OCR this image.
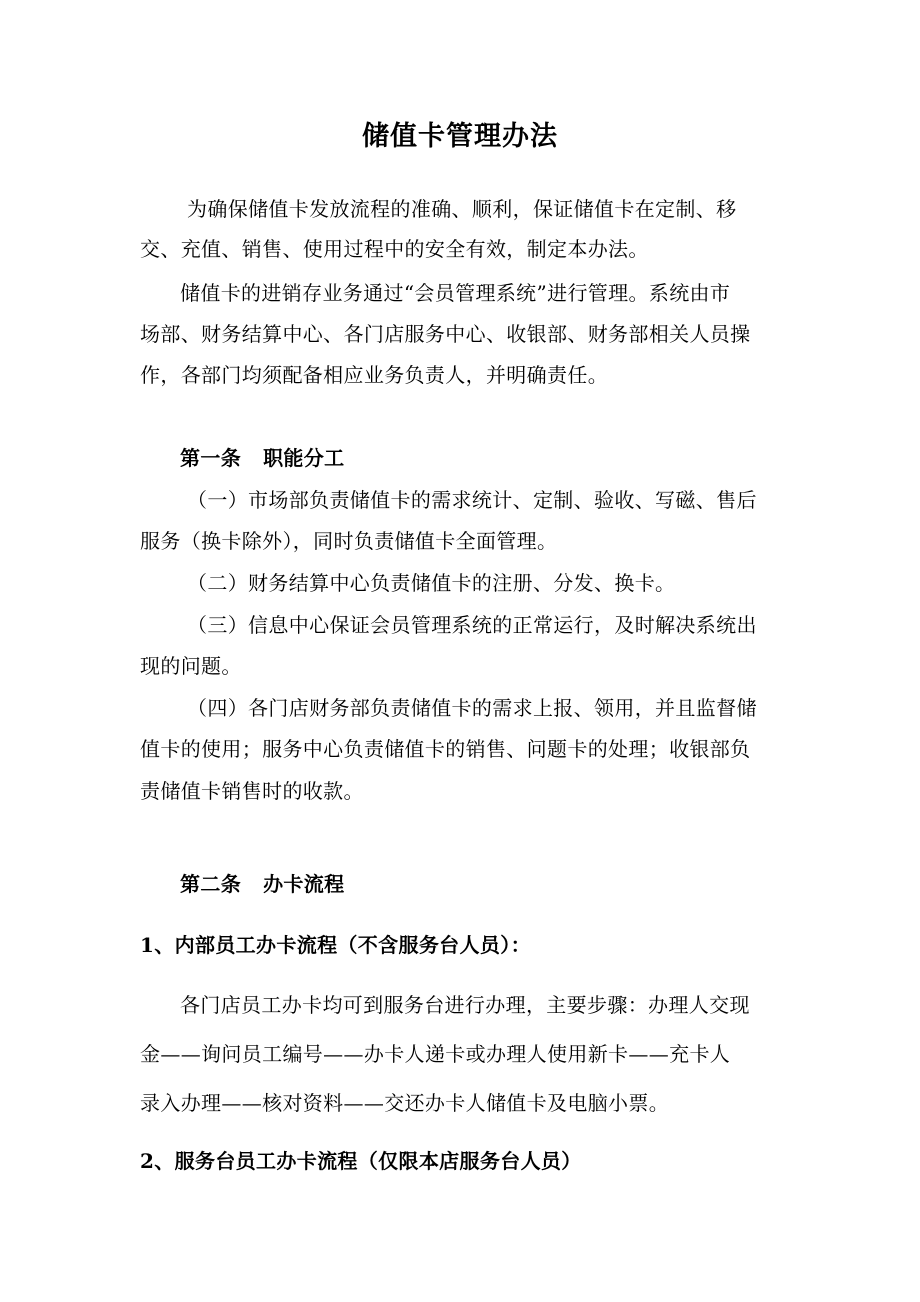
储值卡管理办法
为确保储值卡发放流程的准确、顺利，保证储值卡在定制、移
交、充值、销售、使用过程中的安全有效，制定本办法。
储值卡的进销存业务通过“会员管理系统”进行管理。系统由市
场部、财务结算中心、各门店服务中心、收银部、财务部相关人员操
作，各部门均须配备相应业务负责人，并明确责任。
第一条 职能分工
（一）市场部负责储值卡的需求统计、定制、验收、写磁、售后
服务（换卡除外），同时负责储值卡全面管理。
（二）财务结算中心负责储值卡的注册、分发、换卡。
（三）信息中心保证会员管理系统的正常运行，及时解决系统出
现的问题。
（四）各门店财务部负责储值卡的需求上报、领用，并且监督储
值卡的使用；服务中心负责储值卡的销售、问题卡的处理；收银部负
责储值卡销售时的收款。
第二条 办卡流程
1、内部员工办卡流程（不含服务台人员）：
各门店员工办卡均可到服务台进行办理，主要步骤：办理人交现
金——询问员工编号——办卡人递卡或办理人使用新卡——充卡人
录入办理——核对资料——交还办卡人储值卡及电脑小票。
2、服务台员工办卡流程（仅限本店服务台人员）
